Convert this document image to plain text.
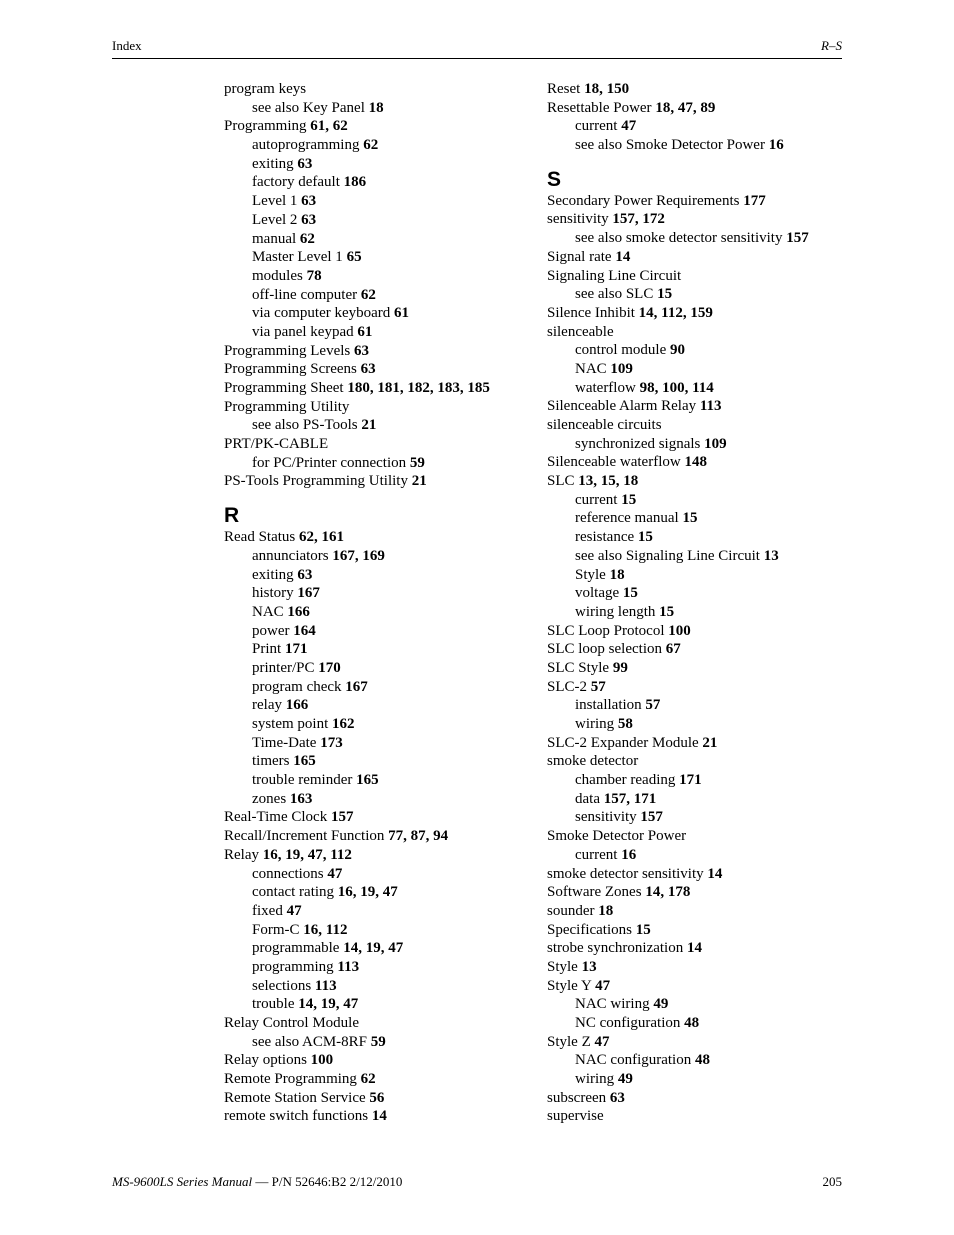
Index	R–S
program keys
see also Key Panel 18
Programming 61, 62
autoprogramming 62
exiting 63
factory default 186
Level 1 63
Level 2 63
manual 62
Master Level 1 65
modules 78
off-line computer 62
via computer keyboard 61
via panel keypad 61
Programming Levels 63
Programming Screens 63
Programming Sheet 180, 181, 182, 183, 185
Programming Utility
see also PS-Tools 21
PRT/PK-CABLE
for PC/Printer connection 59
PS-Tools Programming Utility 21
R
Read Status 62, 161
annunciators 167, 169
exiting 63
history 167
NAC 166
power 164
Print 171
printer/PC 170
program check 167
relay 166
system point 162
Time-Date 173
timers 165
trouble reminder 165
zones 163
Real-Time Clock 157
Recall/Increment Function 77, 87, 94
Relay 16, 19, 47, 112
connections 47
contact rating 16, 19, 47
fixed 47
Form-C 16, 112
programmable 14, 19, 47
programming 113
selections 113
trouble 14, 19, 47
Relay Control Module
see also ACM-8RF 59
Relay options 100
Remote Programming 62
Remote Station Service 56
remote switch functions 14
Reset 18, 150
Resettable Power 18, 47, 89
current 47
see also Smoke Detector Power 16
S
Secondary Power Requirements 177
sensitivity 157, 172
see also smoke detector sensitivity 157
Signal rate 14
Signaling Line Circuit
see also SLC 15
Silence Inhibit 14, 112, 159
silenceable
control module 90
NAC 109
waterflow 98, 100, 114
Silenceable Alarm Relay 113
silenceable circuits
synchronized signals 109
Silenceable waterflow 148
SLC 13, 15, 18
current 15
reference manual 15
resistance 15
see also Signaling Line Circuit 13
Style 18
voltage 15
wiring length 15
SLC Loop Protocol 100
SLC loop selection 67
SLC Style 99
SLC-2 57
installation 57
wiring 58
SLC-2 Expander Module 21
smoke detector
chamber reading 171
data 157, 171
sensitivity 157
Smoke Detector Power
current 16
smoke detector sensitivity 14
Software Zones 14, 178
sounder 18
Specifications 15
strobe synchronization 14
Style 13
Style Y 47
NAC wiring 49
NC configuration 48
Style Z 47
NAC configuration 48
wiring 49
subscreen 63
supervise
MS-9600LS Series Manual — P/N 52646:B2 2/12/2010	205
